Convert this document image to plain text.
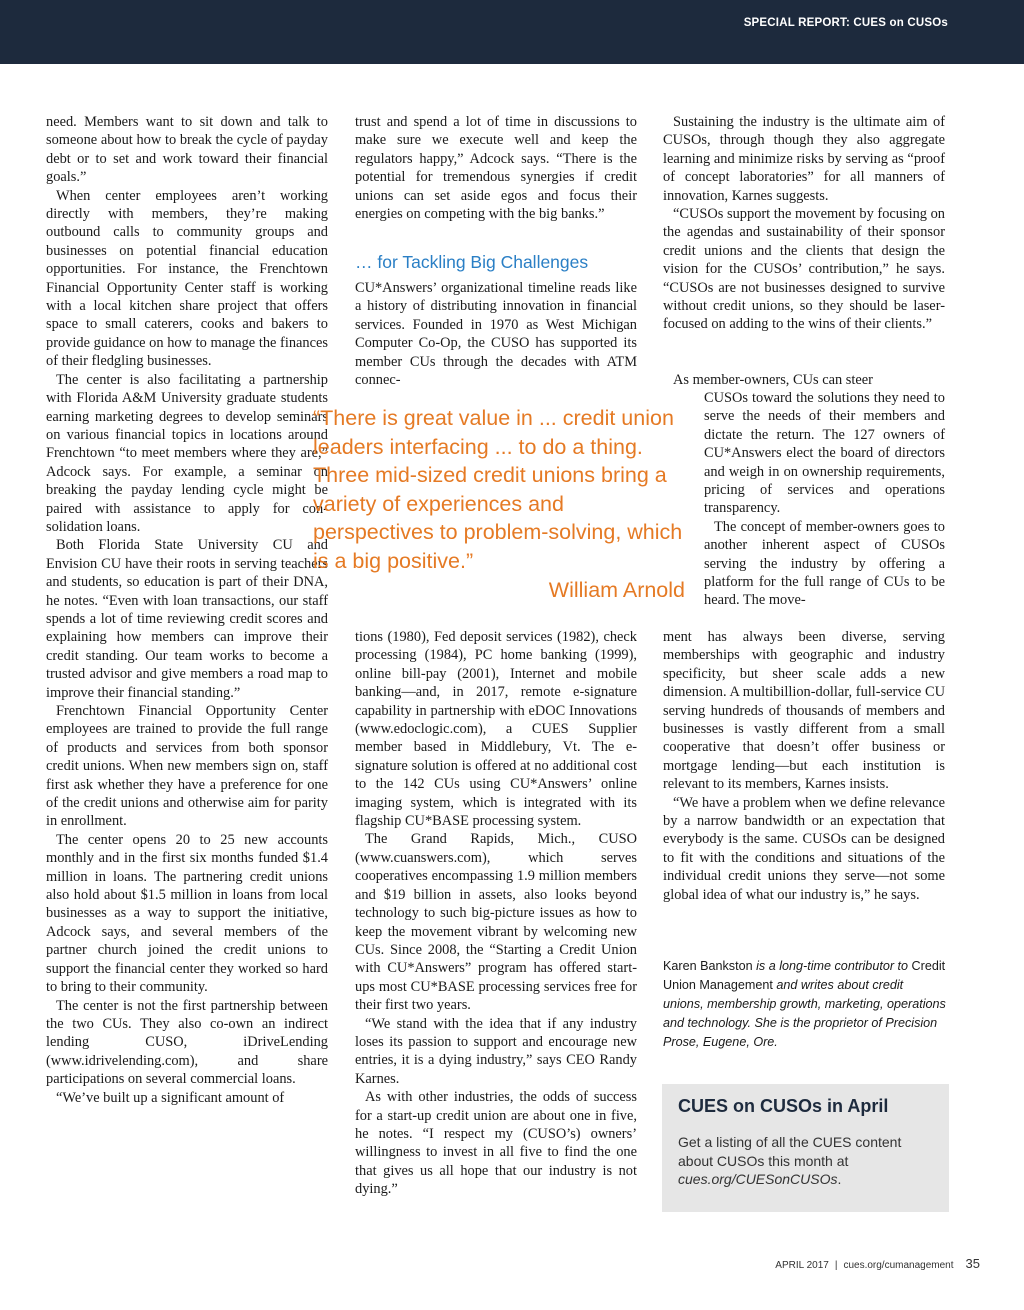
SPECIAL REPORT: CUES on CUSOs

need. Members want to sit down and talk to someone about how to break the cycle of payday debt or to set and work toward their financial goals.”

When center employees aren’t working directly with members, they’re making outbound calls to community groups and businesses on potential financial education opportunities. For instance, the Frenchtown Financial Opportunity Center staff is working with a local kitchen share project that offers space to small caterers, cooks and bakers to provide guidance on how to manage the finances of their fledgling businesses.

The center is also facilitating a partnership with Florida A&M University graduate students earning marketing degrees to develop seminars on various financial topics in locations around Frenchtown “to meet members where they are,” Adcock says. For example, a seminar on breaking the payday lending cycle might be paired with assistance to apply for con-solidation loans.

Both Florida State University CU and Envision CU have their roots in serving teachers and students, so education is part of their DNA, he notes. “Even with loan transactions, our staff spends a lot of time reviewing credit scores and explaining how members can improve their credit standing. Our team works to become a trusted advisor and give members a road map to improve their financial standing.”

Frenchtown Financial Opportunity Center employees are trained to provide the full range of products and services from both sponsor credit unions. When new members sign on, staff first ask whether they have a preference for one of the credit unions and otherwise aim for parity in enrollment.

The center opens 20 to 25 new accounts monthly and in the first six months funded $1.4 million in loans. The partnering credit unions also hold about $1.5 million in loans from local businesses as a way to support the initiative, Adcock says, and several members of the partner church joined the credit unions to support the financial center they worked so hard to bring to their community.

The center is not the first partnership between the two CUs. They also co-own an indirect lending CUSO, iDriveLending (www.idrivelending.com), and share participations on several commercial loans.

“We’ve built up a significant amount of

trust and spend a lot of time in discussions to make sure we execute well and keep the regulators happy,” Adcock says. “There is the potential for tremendous synergies if credit unions can set aside egos and focus their energies on competing with the big banks.”

… for Tackling Big Challenges
CU*Answers’ organizational timeline reads like a history of distributing innovation in financial services. Founded in 1970 as West Michigan Computer Co-Op, the CUSO has supported its member CUs through the decades with ATM connec-

“There is great value in ... credit union leaders interfacing ... to do a thing. Three mid-sized credit unions bring a variety of experiences and perspectives to problem-solving, which is a big positive.”

William Arnold

tions (1980), Fed deposit services (1982), check processing (1984), PC home banking (1999), online bill-pay (2001), Internet and mobile banking—and, in 2017, remote e-signature capability in partnership with eDOC Innovations (www.edoclogic.com), a CUES Supplier member based in Middlebury, Vt. The e-signature solution is offered at no additional cost to the 142 CUs using CU*Answers’ online imaging system, which is integrated with its flagship CU*BASE processing system.

The Grand Rapids, Mich., CUSO (www.cuanswers.com), which serves cooperatives encompassing 1.9 million members and $19 billion in assets, also looks beyond technology to such big-picture issues as how to keep the movement vibrant by welcoming new CUs. Since 2008, the “Starting a Credit Union with CU*Answers” program has offered start-ups most CU*BASE processing services free for their first two years.

“We stand with the idea that if any industry loses its passion to support and encourage new entries, it is a dying industry,” says CEO Randy Karnes.

As with other industries, the odds of success for a start-up credit union are about one in five, he notes. “I respect my (CUSO’s) owners’ willingness to invest in all five to find the one that gives us all hope that our industry is not dying.”

Sustaining the industry is the ultimate aim of CUSOs, through though they also aggregate learning and minimize risks by serving as “proof of concept laboratories” for all manners of innovation, Karnes suggests.

“CUSOs support the movement by focusing on the agendas and sustainability of their sponsor credit unions and the clients that design the vision for the CUSOs’ contribution,” he says. “CUSOs are not businesses designed to survive without credit unions, so they should be laser-focused on adding to the wins of their clients.”

As member-owners, CUs can steer

CUSOs toward the solutions they need to serve the needs of their members and dictate the return. The 127 owners of CU*Answers elect the board of directors and weigh in on ownership requirements, pricing of services and operations transparency.

The concept of member-owners goes to another inherent aspect of CUSOs serving the industry by offering a platform for the full range of CUs to be heard. The move-

ment has always been diverse, serving memberships with geographic and industry specificity, but sheer scale adds a new dimension. A multibillion-dollar, full-service CU serving hundreds of thousands of members and businesses is vastly different from a small cooperative that doesn’t offer business or mortgage lending—but each institution is relevant to its members, Karnes insists.

“We have a problem when we define relevance by a narrow bandwidth or an expectation that everybody is the same. CUSOs can be designed to fit with the conditions and situations of the individual credit unions they serve—not some global idea of what our industry is,” he says.

Karen Bankston is a long-time contributor to Credit Union Management and writes about credit unions, membership growth, marketing, operations and technology. She is the proprietor of Precision Prose, Eugene, Ore.
CUES on CUSOs in April
Get a listing of all the CUES content about CUSOs this month at cues.org/CUESonCUSOs.
APRIL 2017 | cues.org/cumanagement 35
